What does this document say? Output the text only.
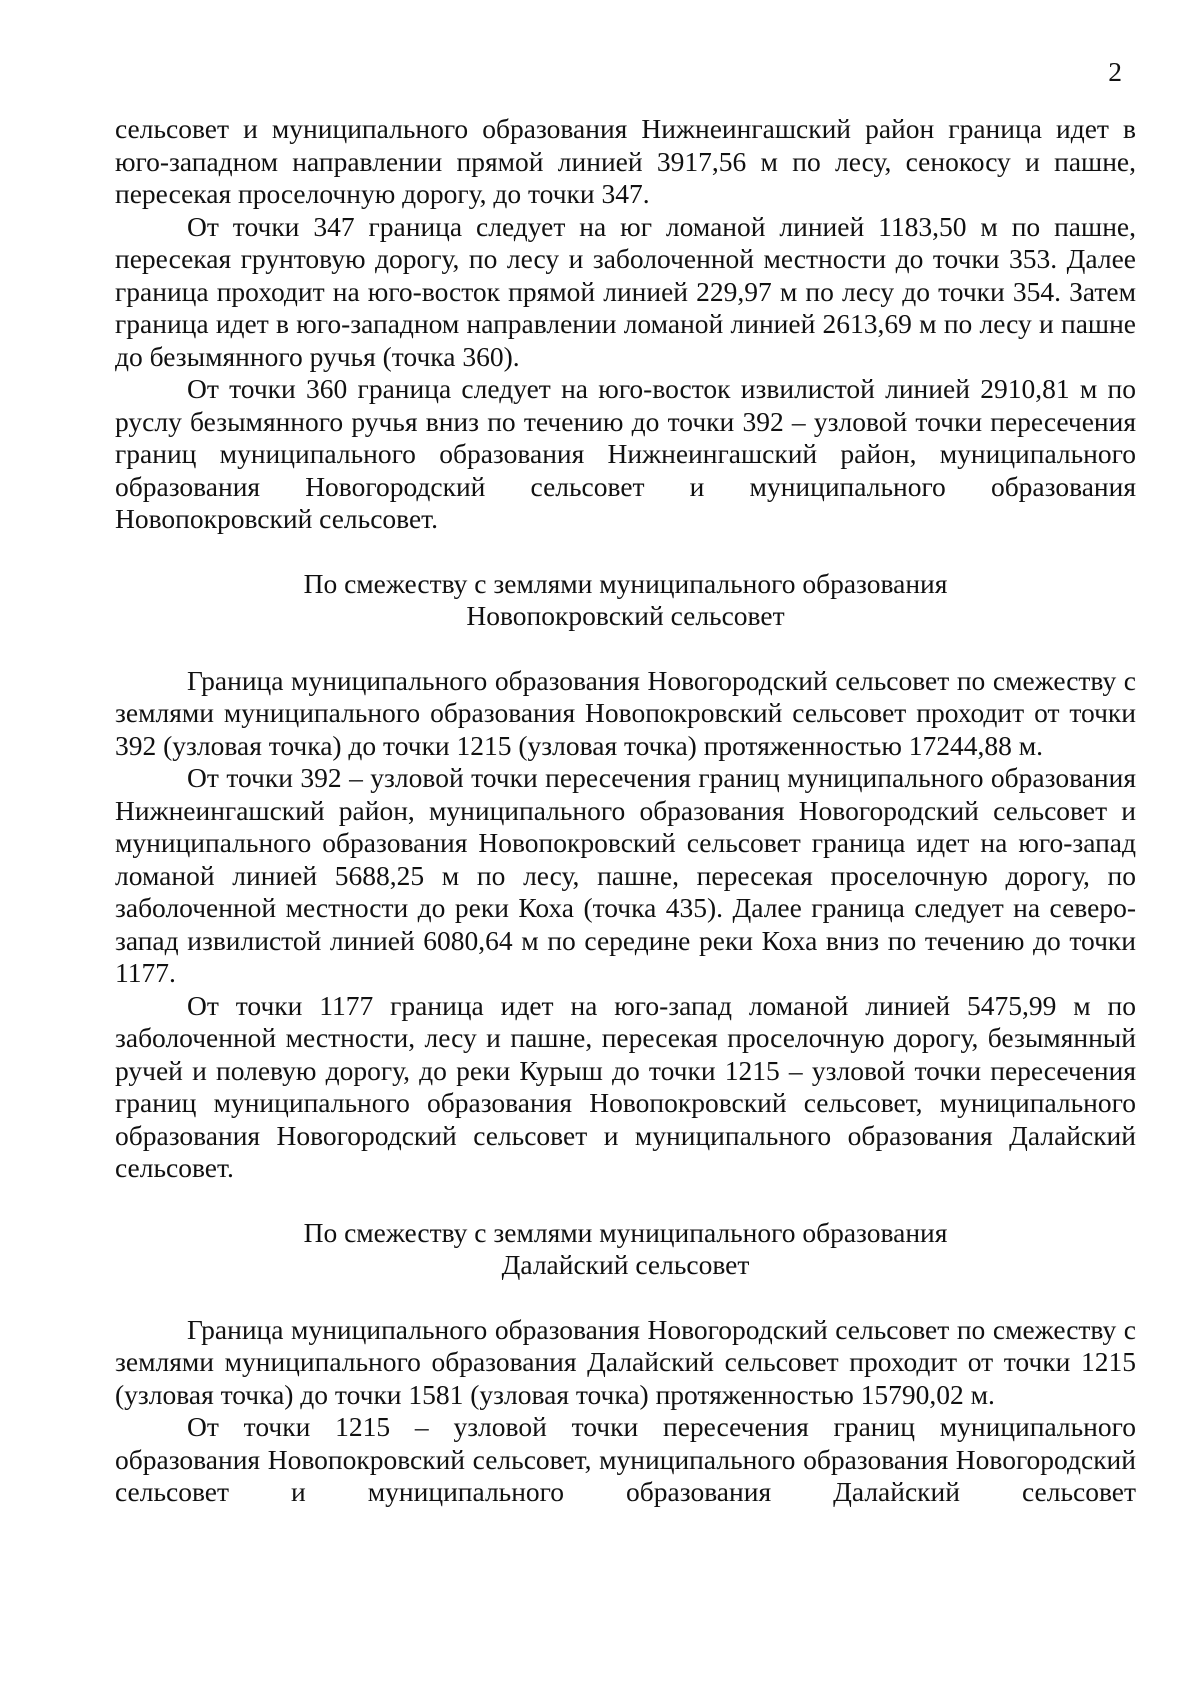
2

сельсовет и муниципального образования Нижнеингашский район граница идет в юго-западном направлении прямой линией 3917,56 м по лесу, сенокосу и пашне, пересекая проселочную дорогу, до точки 347.

От точки 347 граница следует на юг ломаной линией 1183,50 м по пашне, пересекая грунтовую дорогу, по лесу и заболоченной местности до точки 353. Далее граница проходит на юго-восток прямой линией 229,97 м по лесу до точки 354. Затем граница идет в юго-западном направлении ломаной линией 2613,69 м по лесу и пашне до безымянного ручья (точка 360).

От точки 360 граница следует на юго-восток извилистой линией 2910,81 м по руслу безымянного ручья вниз по течению до точки 392 – узловой точки пересечения границ муниципального образования Нижнеингашский район, муниципального образования Новогородский сельсовет и муниципального образования Новопокровский сельсовет.

По смежеству с землями муниципального образования
Новопокровский сельсовет

Граница муниципального образования Новогородский сельсовет по смежеству с землями муниципального образования Новопокровский сельсовет проходит от точки 392 (узловая точка) до точки 1215 (узловая точка) протяженностью 17244,88 м.

От точки 392 – узловой точки пересечения границ муниципального образования Нижнеингашский район, муниципального образования Новогородский сельсовет и муниципального образования Новопокровский сельсовет граница идет на юго-запад ломаной линией 5688,25 м по лесу, пашне, пересекая проселочную дорогу, по заболоченной местности до реки Коха (точка 435). Далее граница следует на северо-запад извилистой линией 6080,64 м по середине реки Коха вниз по течению до точки 1177.

От точки 1177 граница идет на юго-запад ломаной линией 5475,99 м по заболоченной местности, лесу и пашне, пересекая проселочную дорогу, безымянный ручей и полевую дорогу, до реки Курыш до точки 1215 – узловой точки пересечения границ муниципального образования Новопокровский сельсовет, муниципального образования Новогородский сельсовет и муниципального образования Далайский сельсовет.

По смежеству с землями муниципального образования
Далайский сельсовет

Граница муниципального образования Новогородский сельсовет по смежеству с землями муниципального образования Далайский сельсовет проходит от точки 1215 (узловая точка) до точки 1581 (узловая точка) протяженностью 15790,02 м.

От точки 1215 – узловой точки пересечения границ муниципального образования Новопокровский сельсовет, муниципального образования Новогородский сельсовет и муниципального образования Далайский сельсовет
